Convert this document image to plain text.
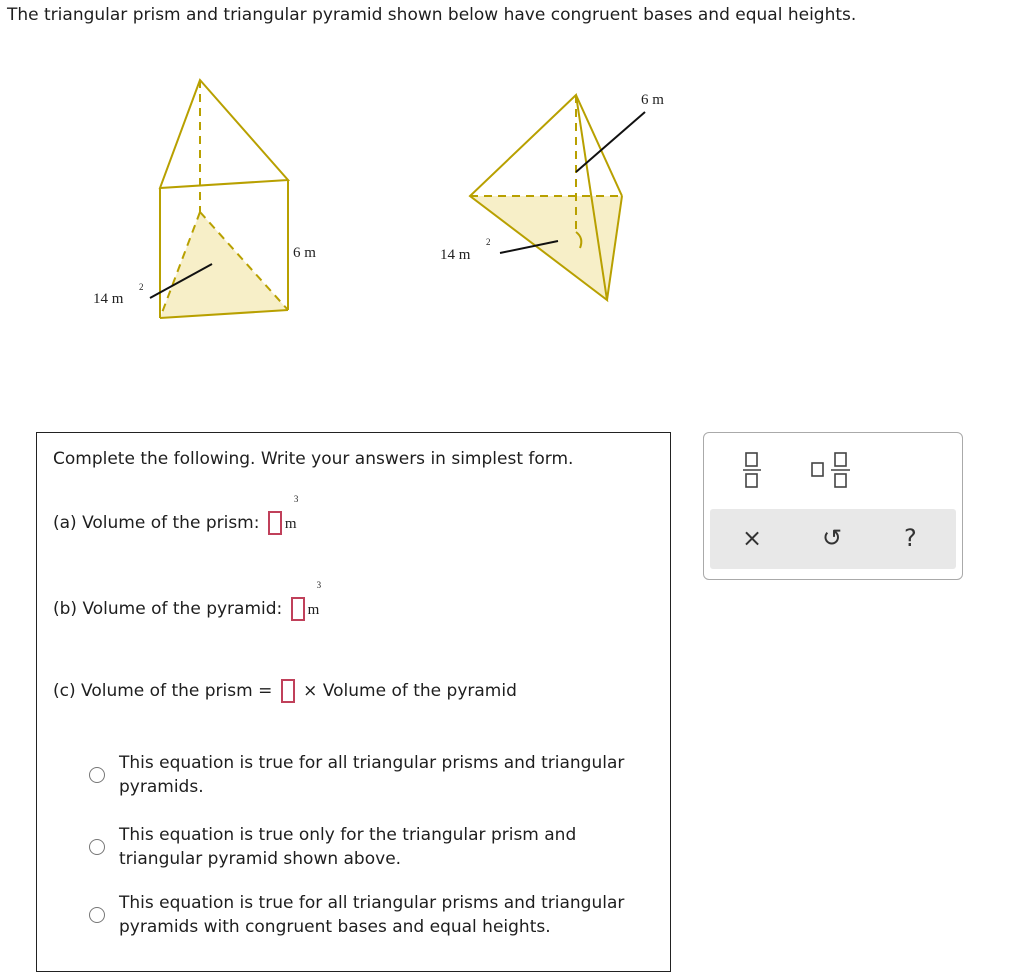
The triangular prism and triangular pyramid shown below have congruent bases and equal heights.
6 m
14 m
2
6 m
14 m
2
Complete the following. Write your answers in simplest form.
(a) Volume of the prism: m
3
(b) Volume of the pyramid: m
3
(c) Volume of the prism = × Volume of the pyramid
This equation is true for all triangular prisms and triangular pyramids.
This equation is true only for the triangular prism and triangular pyramid shown above.
This equation is true for all triangular prisms and triangular pyramids with congruent bases and equal heights.
× ↺	?
